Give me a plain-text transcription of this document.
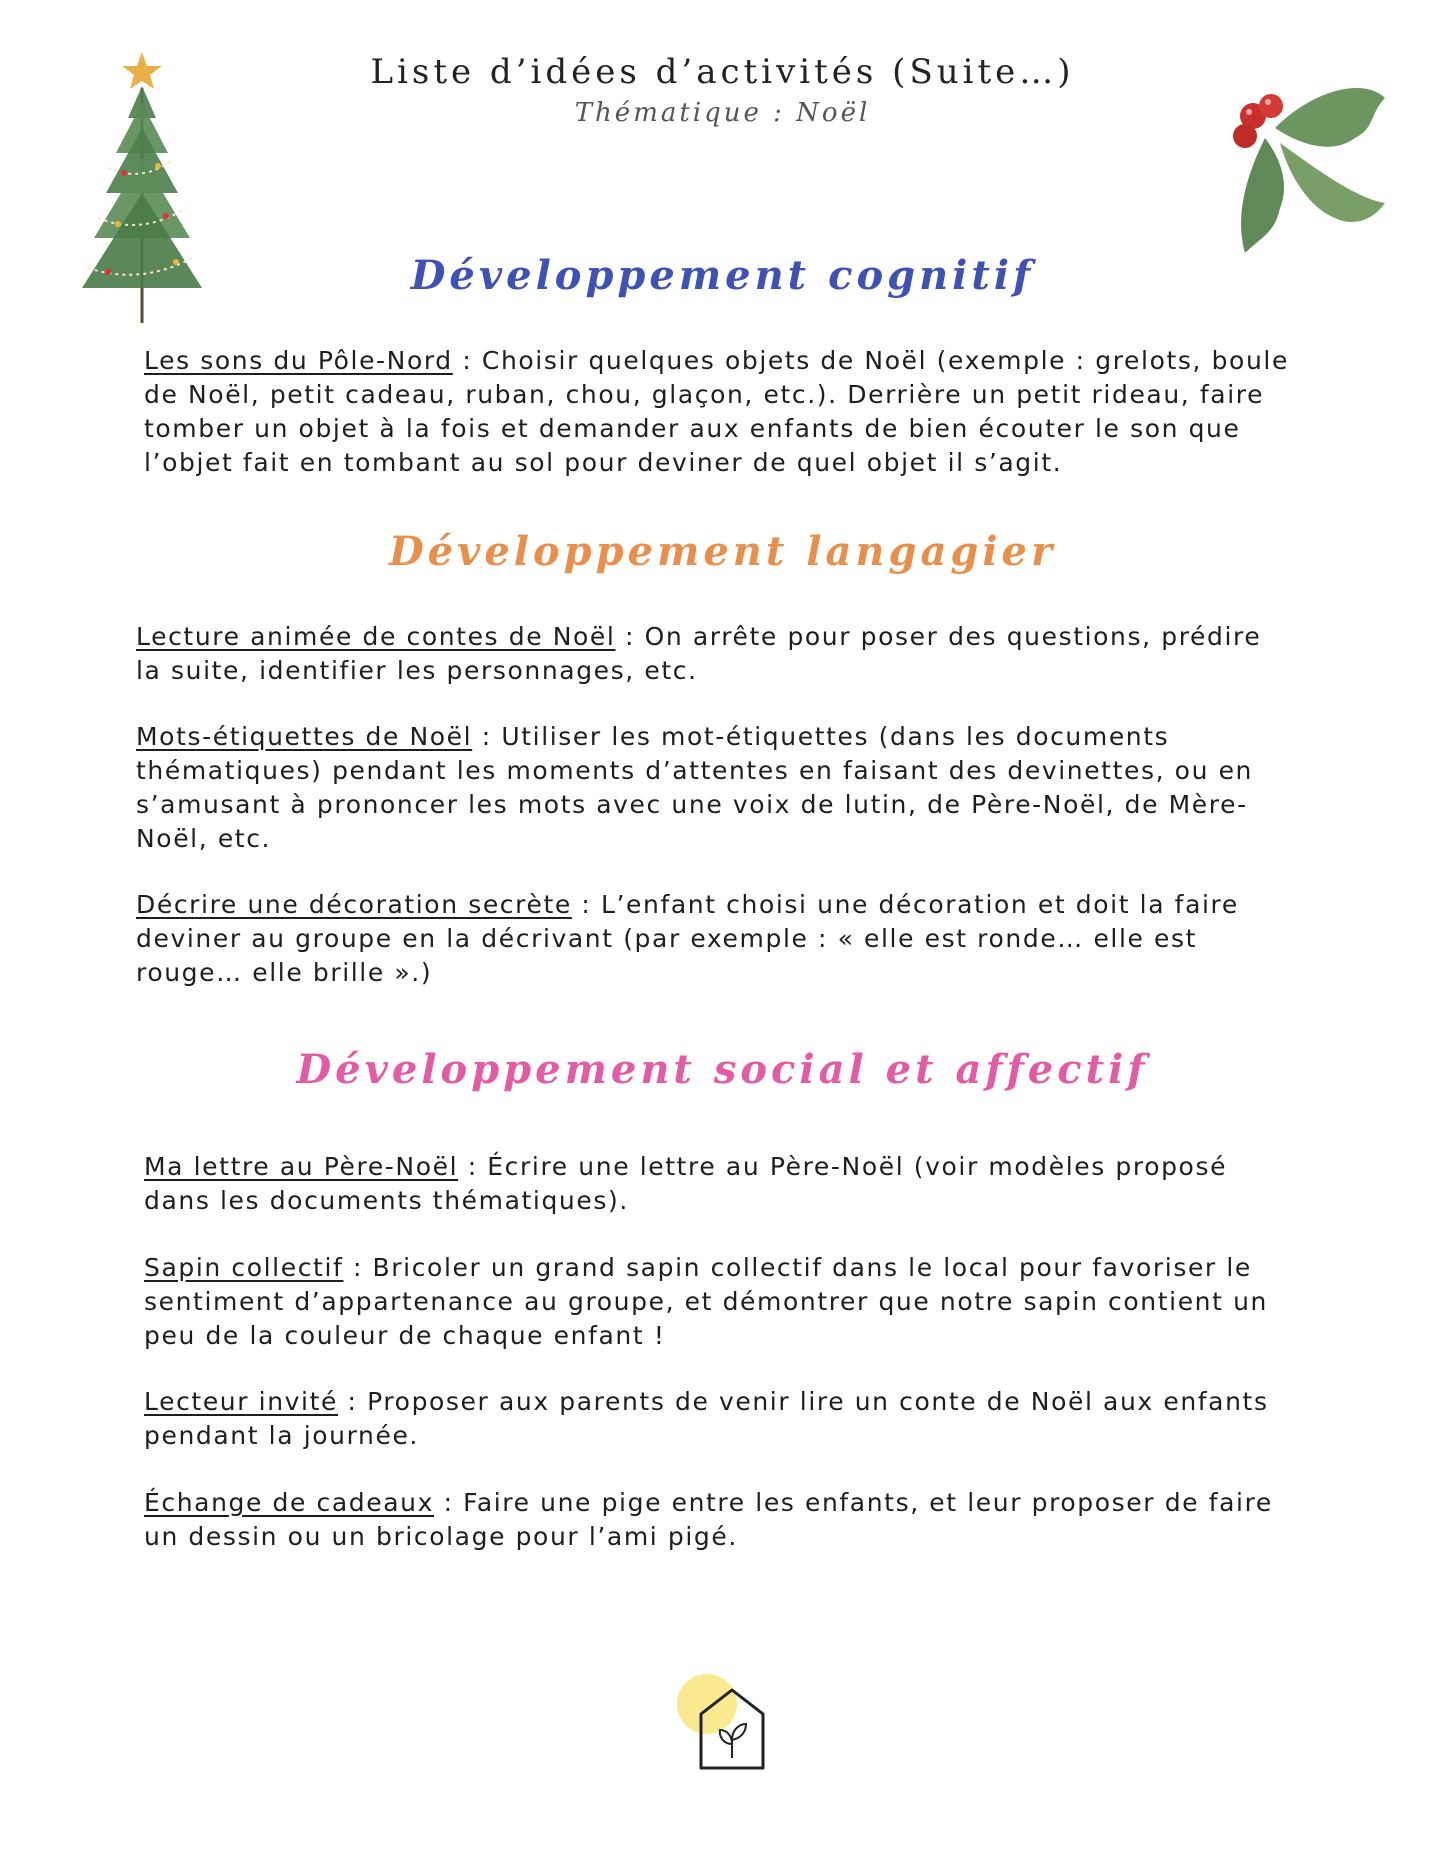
Liste d’idées d’activités (Suite…)
Thématique : Noël
Développement cognitif
Les sons du Pôle-Nord : Choisir quelques objets de Noël (exemple : grelots, boule de Noël, petit cadeau, ruban, chou, glaçon, etc.). Derrière un petit rideau, faire tomber un objet à la fois et demander aux enfants de bien écouter le son que l’objet fait en tombant au sol pour deviner de quel objet il s’agit.
Développement langagier
Lecture animée de contes de Noël : On arrête pour poser des questions, prédire la suite, identifier les personnages, etc.
Mots-étiquettes de Noël : Utiliser les mot-étiquettes (dans les documents thématiques) pendant les moments d’attentes en faisant des devinettes, ou en s’amusant à prononcer les mots avec une voix de lutin, de Père-Noël, de Mère-Noël, etc.
Décrire une décoration secrète : L’enfant choisi une décoration et doit la faire deviner au groupe en la décrivant (par exemple : « elle est ronde… elle est rouge… elle brille ».)
Développement social et affectif
Ma lettre au Père-Noël : Écrire une lettre au Père-Noël (voir modèles proposé dans les documents thématiques).
Sapin collectif : Bricoler un grand sapin collectif dans le local pour favoriser le sentiment d’appartenance au groupe, et démontrer que notre sapin contient un peu de la couleur de chaque enfant !
Lecteur invité : Proposer aux parents de venir lire un conte de Noël aux enfants pendant la journée.
Échange de cadeaux : Faire une pige entre les enfants, et leur proposer de faire un dessin ou un bricolage pour l’ami pigé.
